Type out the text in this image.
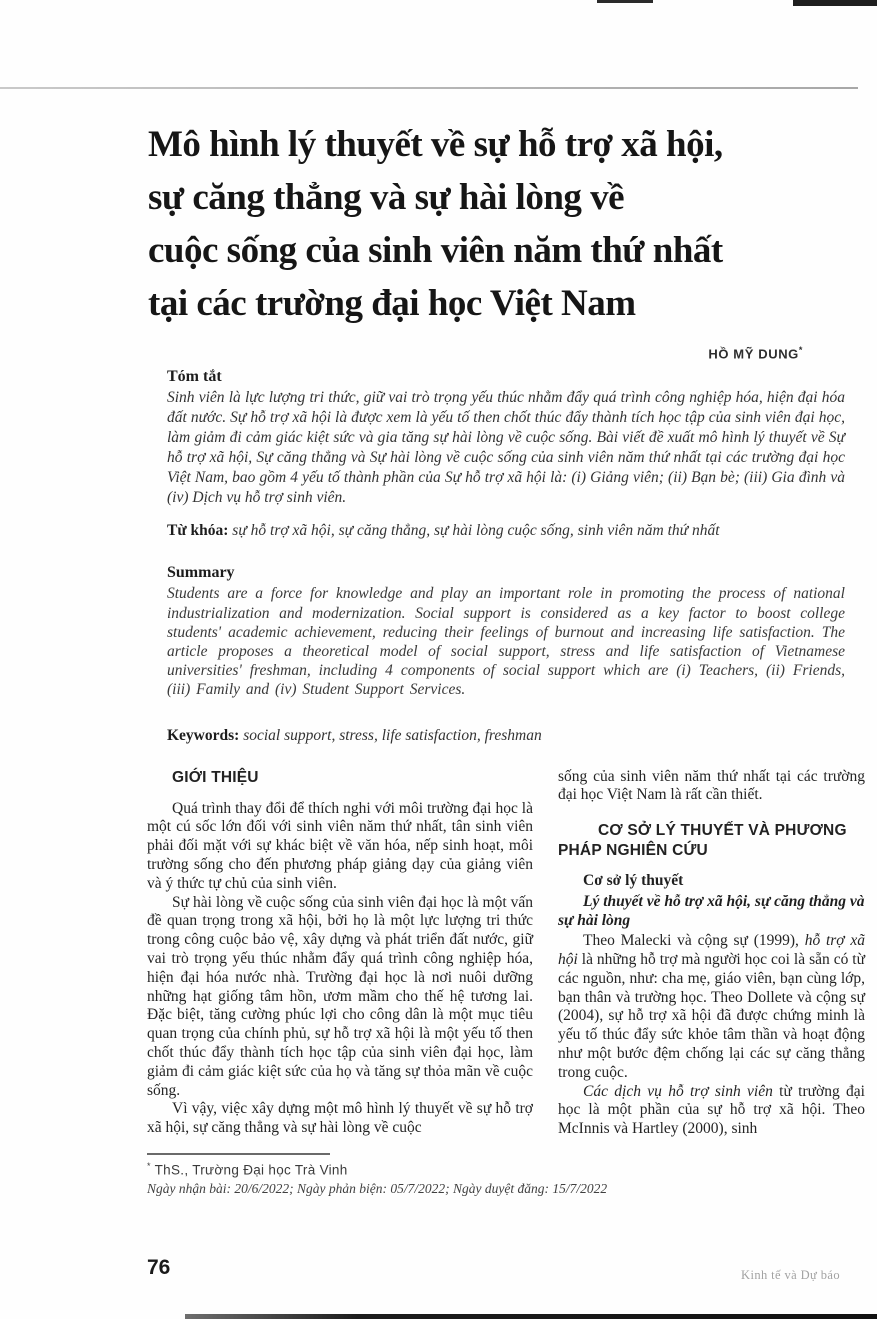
Mô hình lý thuyết về sự hỗ trợ xã hội,
sự căng thẳng và sự hài lòng về
cuộc sống của sinh viên năm thứ nhất
tại các trường đại học Việt Nam
HỒ MỸ DUNG*
Tóm tắt

Sinh viên là lực lượng tri thức, giữ vai trò trọng yếu thúc nhằm đẩy quá trình công nghiệp hóa, hiện đại hóa đất nước. Sự hỗ trợ xã hội là được xem là yếu tố then chốt thúc đẩy thành tích học tập của sinh viên đại học, làm giảm đi cảm giác kiệt sức và gia tăng sự hài lòng về cuộc sống. Bài viết đề xuất mô hình lý thuyết về Sự hỗ trợ xã hội, Sự căng thẳng và Sự hài lòng về cuộc sống của sinh viên năm thứ nhất tại các trường đại học Việt Nam, bao gồm 4 yếu tố thành phần của Sự hỗ trợ xã hội là: (i) Giảng viên; (ii) Bạn bè; (iii) Gia đình và (iv) Dịch vụ hỗ trợ sinh viên.

Từ khóa: sự hỗ trợ xã hội, sự căng thẳng, sự hài lòng cuộc sống, sinh viên năm thứ nhất

Summary

Students are a force for knowledge and play an important role in promoting the process of national industrialization and modernization. Social support is considered as a key factor to boost college students' academic achievement, reducing their feelings of burnout and increasing life satisfaction. The article proposes a theoretical model of social support, stress and life satisfaction of Vietnamese universities' freshman, including 4 components of social support which are (i) Teachers, (ii) Friends, (iii) Family and (iv) Student Support Services.

Keywords: social support, stress, life satisfaction, freshman

GIỚI THIỆU

Quá trình thay đổi để thích nghi với môi trường đại học là một cú sốc lớn đối với sinh viên năm thứ nhất, tân sinh viên phải đối mặt với sự khác biệt về văn hóa, nếp sinh hoạt, môi trường sống cho đến phương pháp giảng dạy của giảng viên và ý thức tự chủ của sinh viên.

Sự hài lòng về cuộc sống của sinh viên đại học là một vấn đề quan trọng trong xã hội, bởi họ là một lực lượng tri thức trong công cuộc bảo vệ, xây dựng và phát triển đất nước, giữ vai trò trọng yếu thúc nhằm đẩy quá trình công nghiệp hóa, hiện đại hóa nước nhà. Trường đại học là nơi nuôi dưỡng những hạt giống tâm hồn, ươm mầm cho thế hệ tương lai. Đặc biệt, tăng cường phúc lợi cho công dân là một mục tiêu quan trọng của chính phủ, sự hỗ trợ xã hội là một yếu tố then chốt thúc đẩy thành tích học tập của sinh viên đại học, làm giảm đi cảm giác kiệt sức của họ và tăng sự thỏa mãn về cuộc sống.

Vì vậy, việc xây dựng một mô hình lý thuyết về sự hỗ trợ xã hội, sự căng thẳng và sự hài lòng về cuộc

sống của sinh viên năm thứ nhất tại các trường đại học Việt Nam là rất cần thiết.

CƠ SỞ LÝ THUYẾT VÀ PHƯƠNG PHÁP NGHIÊN CỨU
Cơ sở lý thuyết
Lý thuyết về hỗ trợ xã hội, sự căng thẳng và sự hài lòng

Theo Malecki và cộng sự (1999), hỗ trợ xã hội là những hỗ trợ mà người học coi là sẵn có từ các nguồn, như: cha mẹ, giáo viên, bạn cùng lớp, bạn thân và trường học. Theo Dollete và cộng sự (2004), sự hỗ trợ xã hội đã được chứng minh là yếu tố thúc đẩy sức khỏe tâm thần và hoạt động như một bước đệm chống lại các sự căng thẳng trong cuộc.

Các dịch vụ hỗ trợ sinh viên từ trường đại học là một phần của sự hỗ trợ xã hội. Theo McInnis và Hartley (2000), sinh

* ThS., Trường Đại học Trà Vinh
Ngày nhận bài: 20/6/2022; Ngày phản biện: 05/7/2022; Ngày duyệt đăng: 15/7/2022
76	Kinh tế và Dự báo
